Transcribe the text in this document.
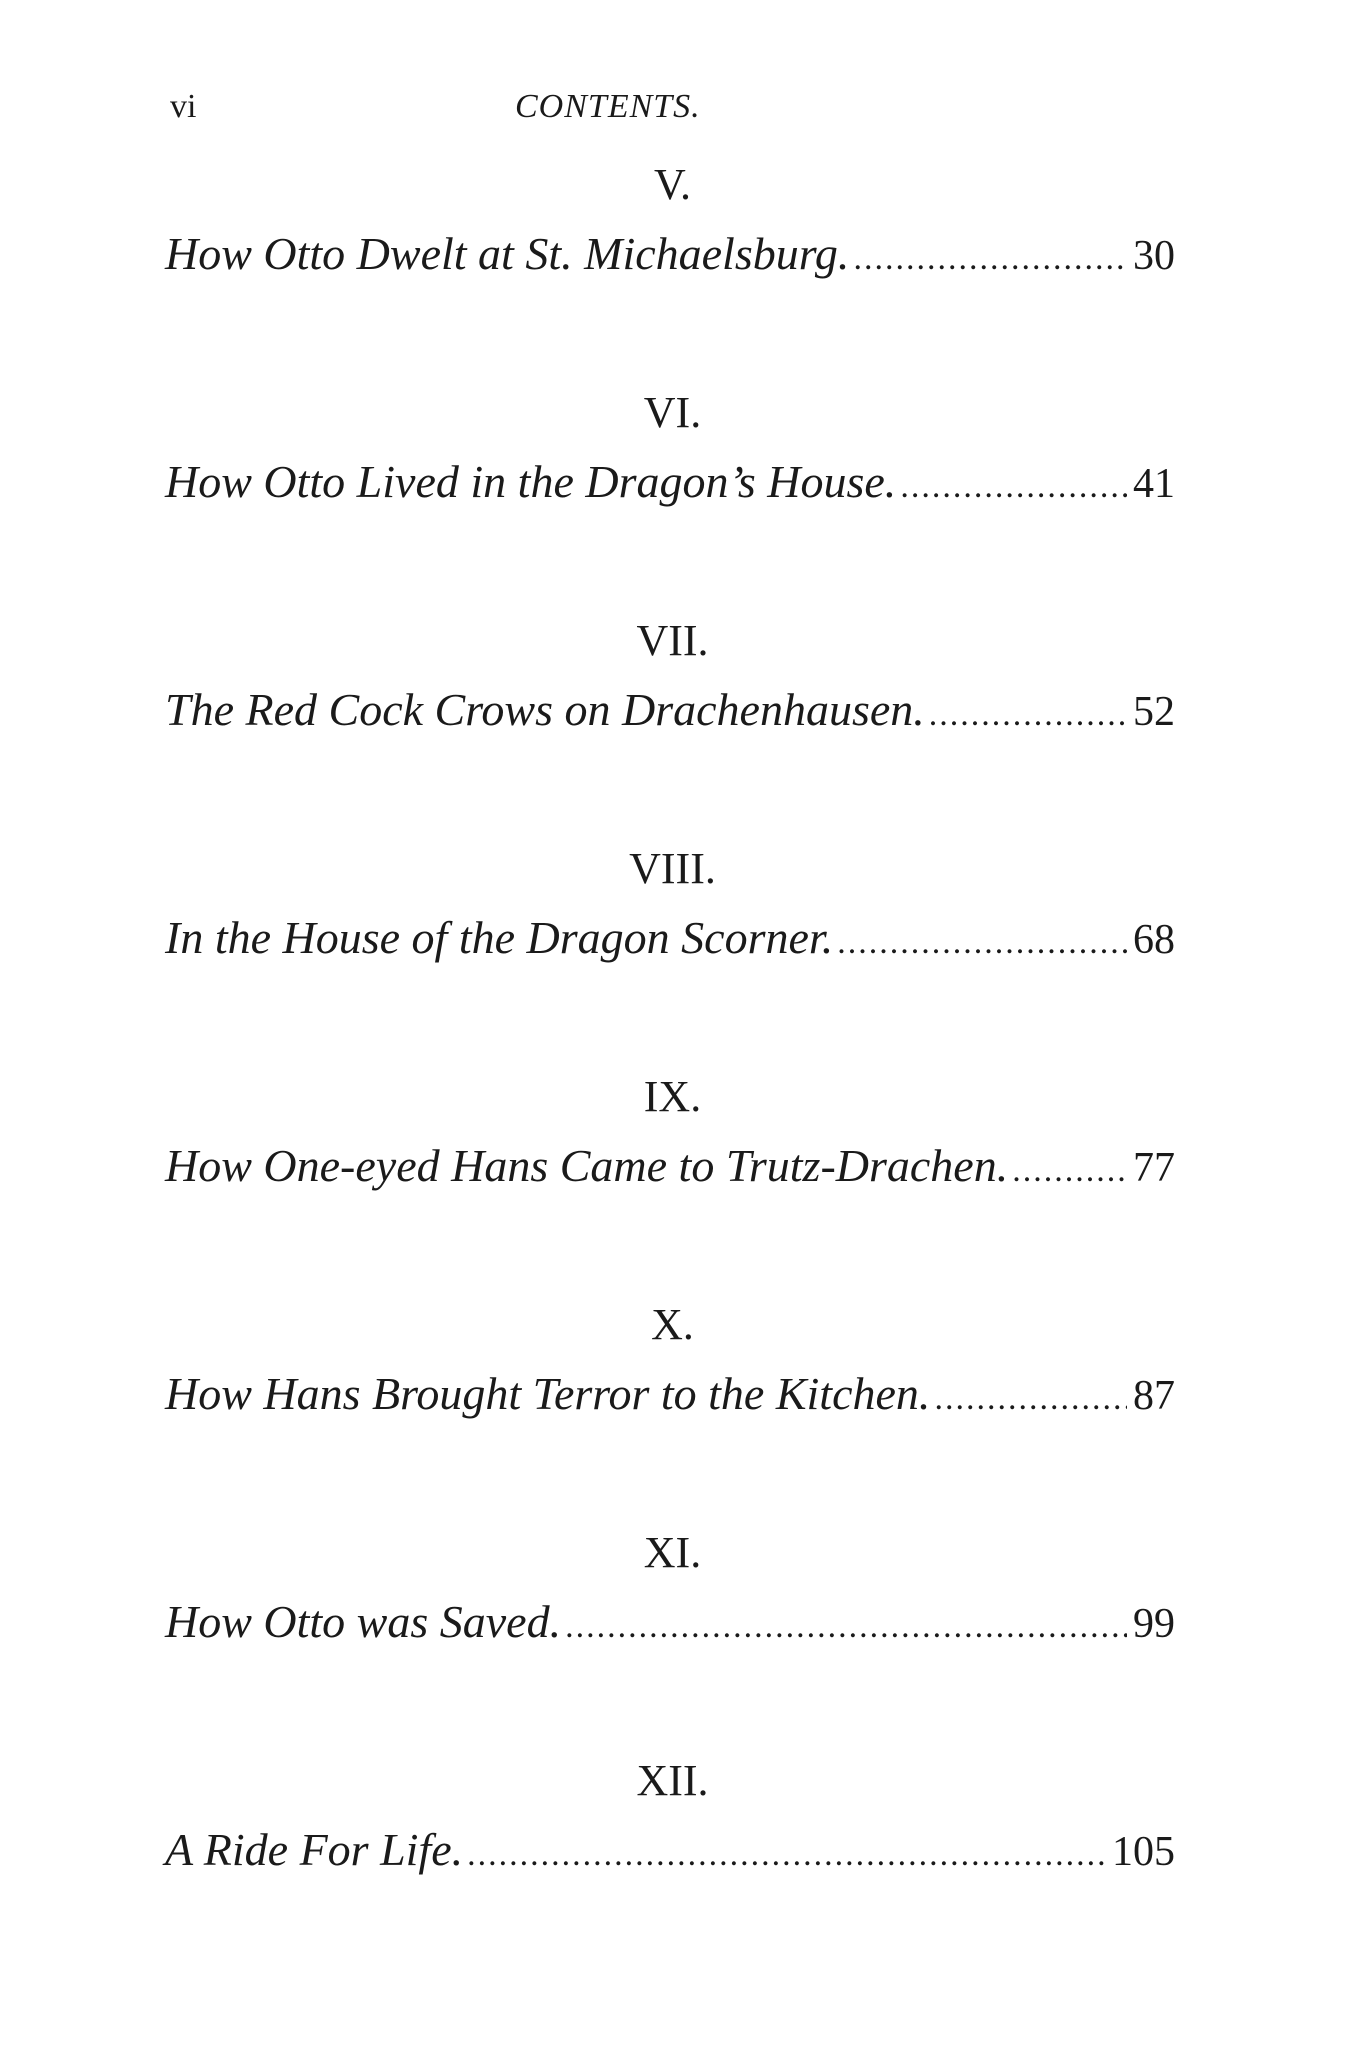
vi	CONTENTS.
V.
How Otto Dwelt at St. Michaelsburg. .....	30
VI.
How Otto Lived in the Dragon’s House. .....	41
VII.
The Red Cock Crows on Drachenhausen. .....	52
VIII.
In the House of the Dragon Scorner. .....	68
IX.
How One-eyed Hans Came to Trutz-Drachen. .....	77
X.
How Hans Brought Terror to the Kitchen. .....	87
XI.
How Otto was Saved. .....	99
XII.
A Ride For Life. .....	105
